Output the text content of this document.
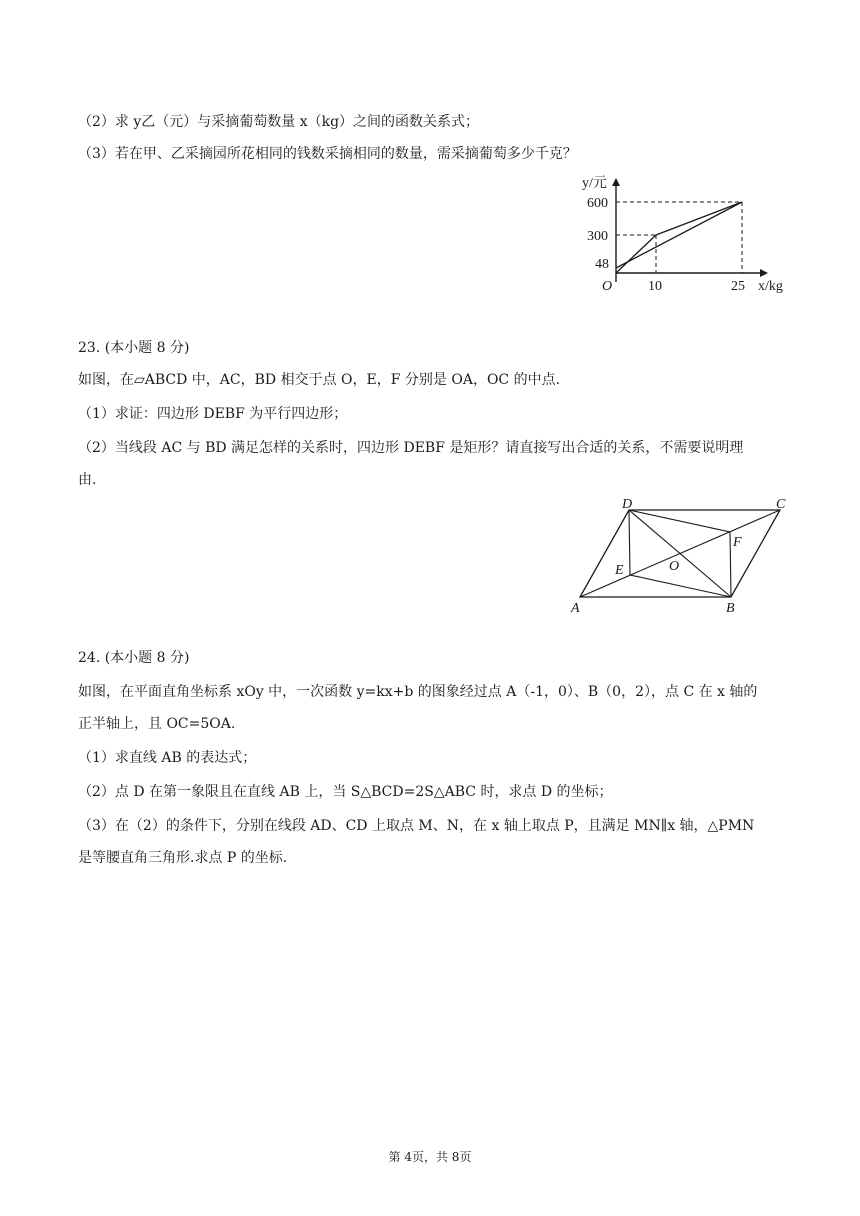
（2）求 y乙（元）与采摘葡萄数量 x（kg）之间的函数关系式；
（3）若在甲、乙采摘园所花相同的钱数采摘相同的数量，需采摘葡萄多少千克？
y/元
x/kg
O
600
300
48
10	25
23. (本小题 8 分)
如图，在▱ABCD 中，AC，BD 相交于点 O，E，F 分别是 OA，OC 的中点.
（1）求证：四边形 DEBF 为平行四边形；
（2）当线段 AC 与 BD 满足怎样的关系时，四边形 DEBF 是矩形？请直接写出合适的关系，不需要说明理
由.
D	C
F
O
E
A	B
24. (本小题 8 分)
如图，在平面直角坐标系 xOy 中，一次函数 y=kx+b 的图象经过点 A（-1，0）、B（0，2），点 C 在 x 轴的
正半轴上，且 OC=5OA.
（1）求直线 AB 的表达式；
（2）点 D 在第一象限且在直线 AB 上，当 S△BCD=2S△ABC 时，求点 D 的坐标；
（3）在（2）的条件下，分别在线段 AD、CD 上取点 M、N，在 x 轴上取点 P，且满足 MN∥x 轴，△PMN
是等腰直角三角形.求点 P 的坐标.
第 4页，共 8页
